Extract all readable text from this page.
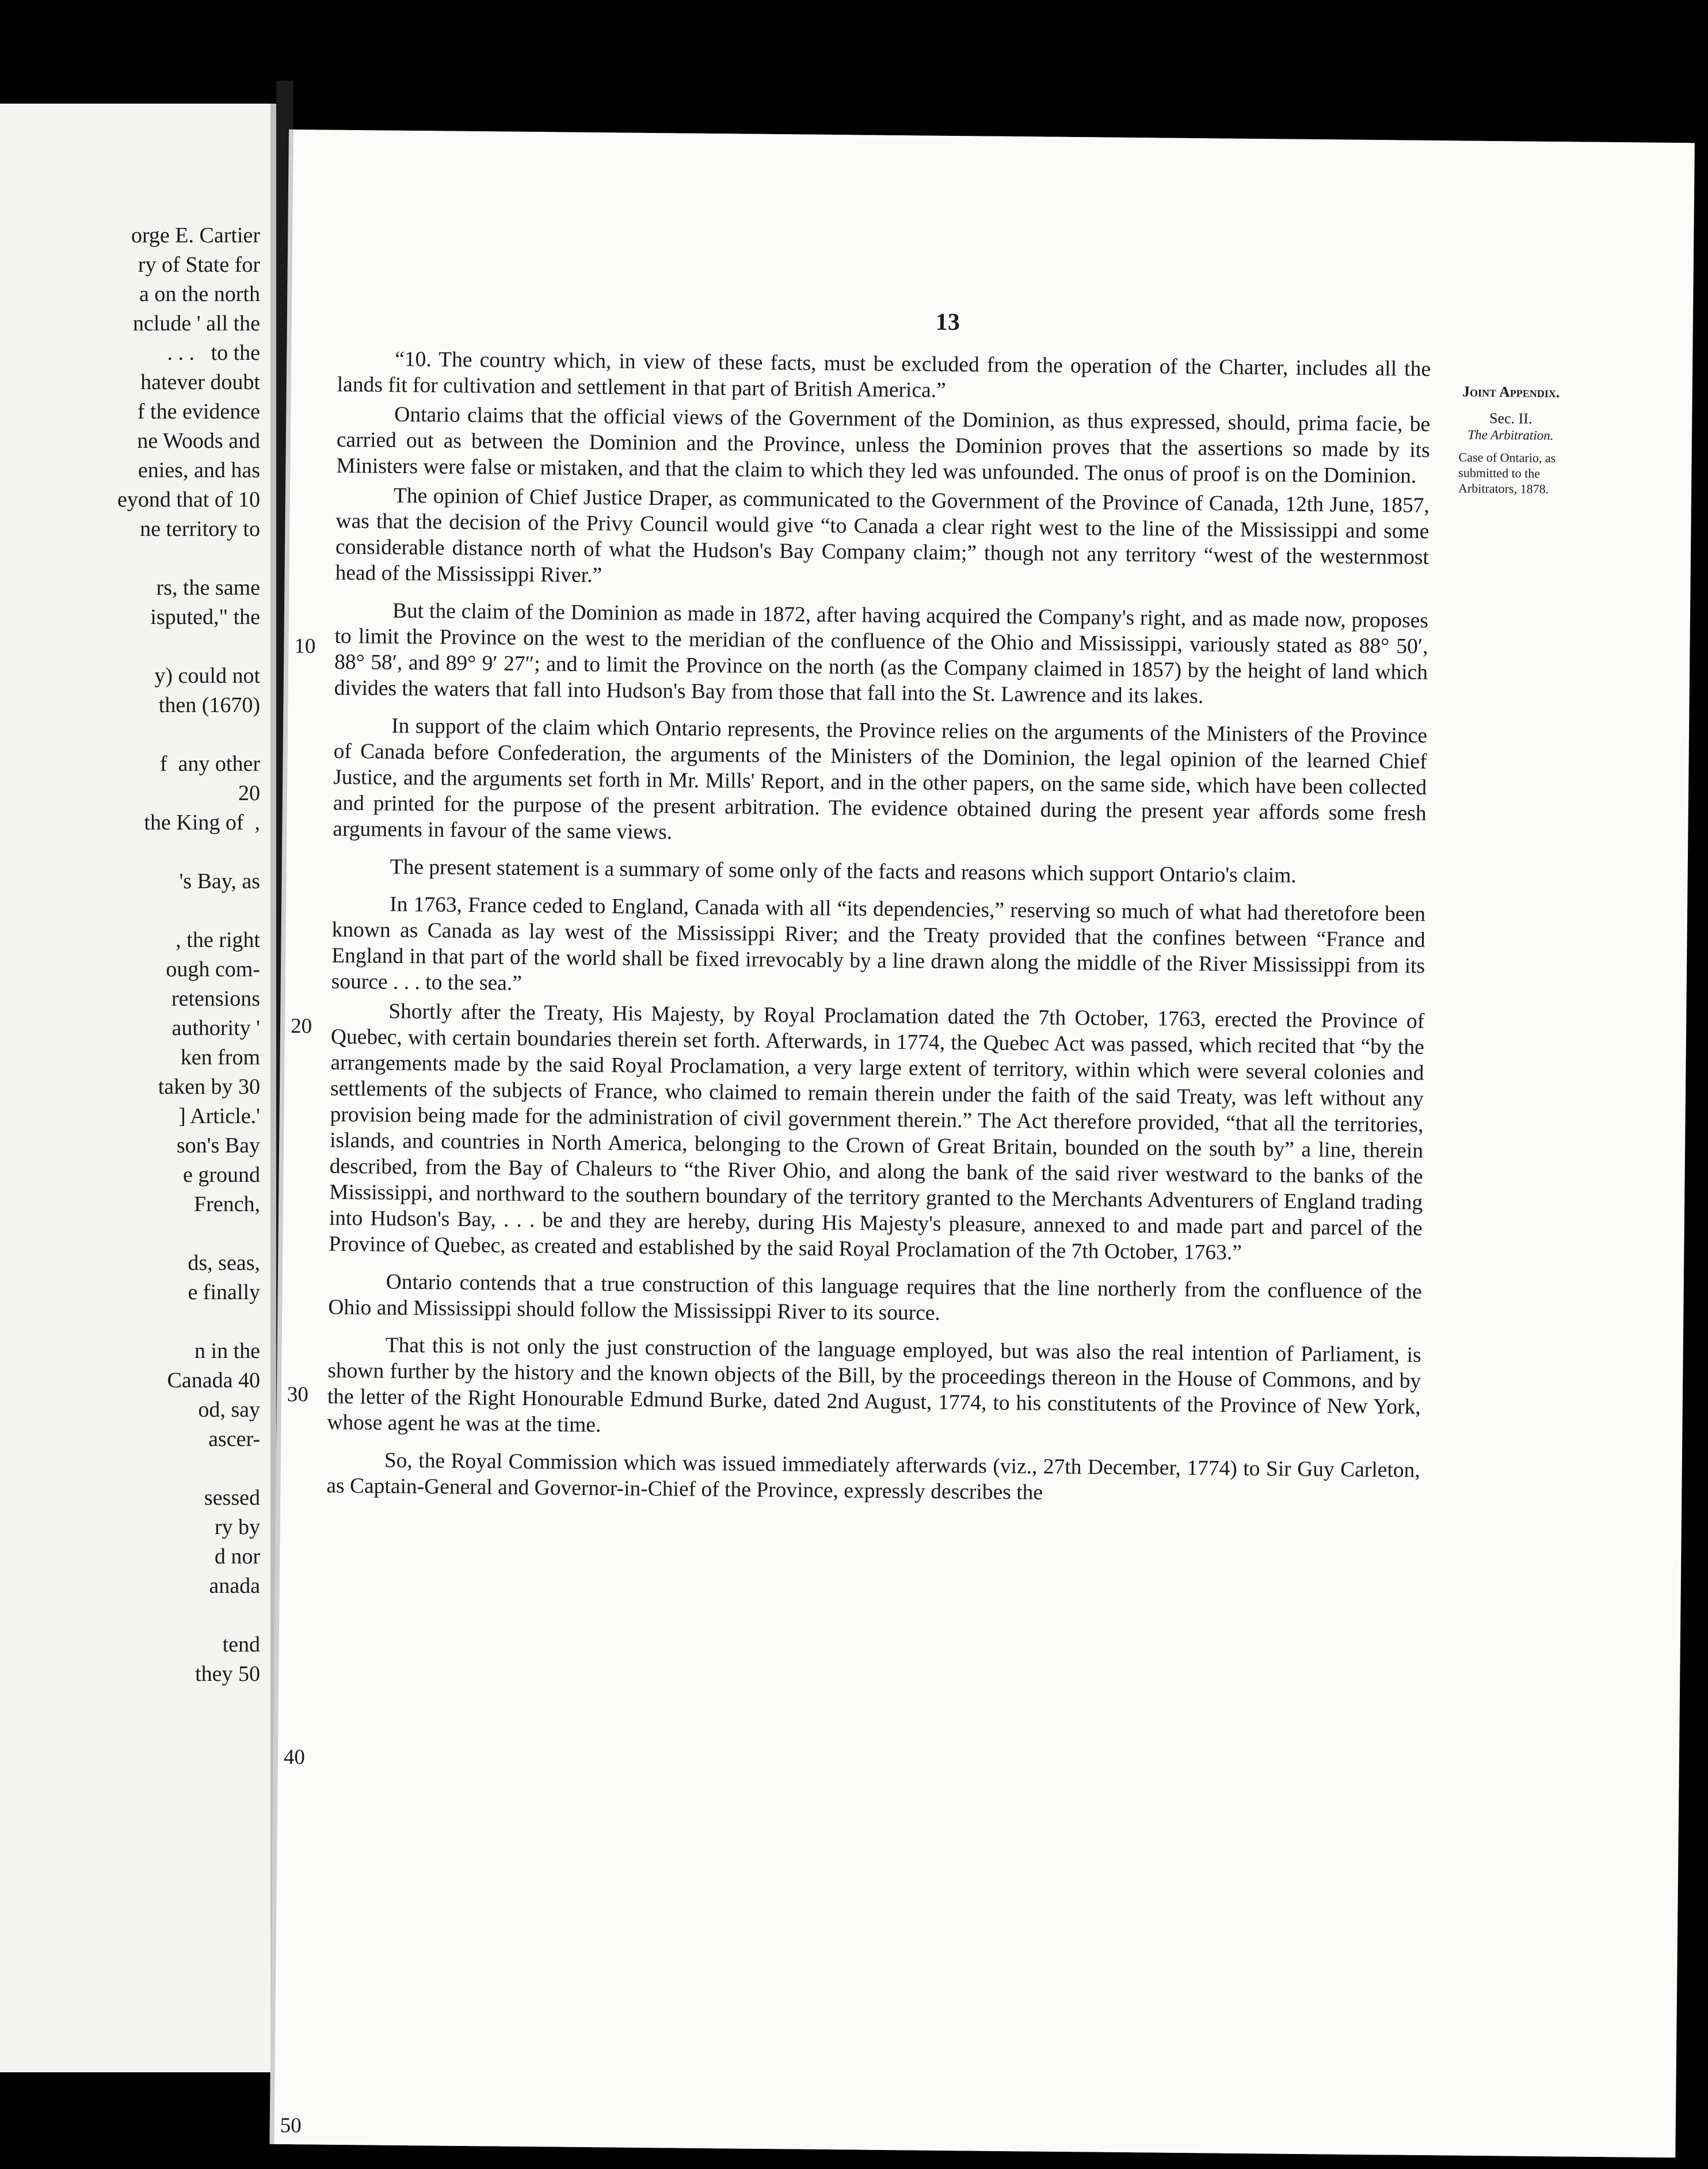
orge E. Cartier
ry of State for
a on the north
nclude ' all the
. . .   to the
hatever doubt
f the evidence
ne Woods and
enies, and has
eyond that of 10
ne territory to
rs, the same
isputed," the
y) could not
then (1670)
f  any other
20
the King of  ,
's Bay, as
, the right
ough com-
retensions
authority '
ken from
taken by 30
] Article.'
son's Bay
e ground
French,
ds, seas,
e finally
n in the
Canada 40
od, say
ascer-
sessed
ry by
d nor
anada
tend
they 50
13
Joint Appendix.
Sec. II.
The Arbitration.
Case of Ontario, as submitted to the Arbitrators, 1878.
10
20
30
40
50

“10. The country which, in view of these facts, must be excluded from the operation of the Charter, includes all the lands fit for cultivation and settlement in that part of British America.”

Ontario claims that the official views of the Government of the Dominion, as thus expressed, should, prima facie, be carried out as between the Dominion and the Province, unless the Dominion proves that the assertions so made by its Ministers were false or mistaken, and that the claim to which they led was unfounded. The onus of proof is on the Dominion.

The opinion of Chief Justice Draper, as communicated to the Government of the Province of Canada, 12th June, 1857, was that the decision of the Privy Council would give “to Canada a clear right west to the line of the Mississippi and some considerable distance north of what the Hudson's Bay Company claim;” though not any territory “west of the westernmost head of the Mississippi River.”

But the claim of the Dominion as made in 1872, after having acquired the Company's right, and as made now, proposes to limit the Province on the west to the meridian of the confluence of the Ohio and Mississippi, variously stated as 88° 50′, 88° 58′, and 89° 9′ 27″; and to limit the Province on the north (as the Company claimed in 1857) by the height of land which divides the waters that fall into Hudson's Bay from those that fall into the St. Lawrence and its lakes.

In support of the claim which Ontario represents, the Province relies on the arguments of the Ministers of the Province of Canada before Confederation, the arguments of the Ministers of the Dominion, the legal opinion of the learned Chief Justice, and the arguments set forth in Mr. Mills' Report, and in the other papers, on the same side, which have been collected and printed for the purpose of the present arbitration. The evidence obtained during the present year affords some fresh arguments in favour of the same views.

The present statement is a summary of some only of the facts and reasons which support Ontario's claim.

In 1763, France ceded to England, Canada with all “its dependencies,” reserving so much of what had theretofore been known as Canada as lay west of the Mississippi River; and the Treaty provided that the confines between “France and England in that part of the world shall be fixed irrevocably by a line drawn along the middle of the River Mississippi from its source . . . to the sea.”

Shortly after the Treaty, His Majesty, by Royal Proclamation dated the 7th October, 1763, erected the Province of Quebec, with certain boundaries therein set forth. Afterwards, in 1774, the Quebec Act was passed, which recited that “by the arrangements made by the said Royal Proclamation, a very large extent of territory, within which were several colonies and settlements of the subjects of France, who claimed to remain therein under the faith of the said Treaty, was left without any provision being made for the administration of civil government therein.” The Act therefore provided, “that all the territories, islands, and countries in North America, belonging to the Crown of Great Britain, bounded on the south by” a line, therein described, from the Bay of Chaleurs to “the River Ohio, and along the bank of the said river westward to the banks of the Mississippi, and northward to the southern boundary of the territory granted to the Merchants Adventurers of England trading into Hudson's Bay, . . . be and they are hereby, during His Majesty's pleasure, annexed to and made part and parcel of the Province of Quebec, as created and established by the said Royal Proclamation of the 7th October, 1763.”

Ontario contends that a true construction of this language requires that the line northerly from the confluence of the Ohio and Mississippi should follow the Mississippi River to its source.

That this is not only the just construction of the language employed, but was also the real intention of Parliament, is shown further by the history and the known objects of the Bill, by the proceedings thereon in the House of Commons, and by the letter of the Right Honourable Edmund Burke, dated 2nd August, 1774, to his constitutents of the Province of New York, whose agent he was at the time.

So, the Royal Commission which was issued immediately afterwards (viz., 27th December, 1774) to Sir Guy Carleton, as Captain-General and Governor-in-Chief of the Province, expressly describes the
